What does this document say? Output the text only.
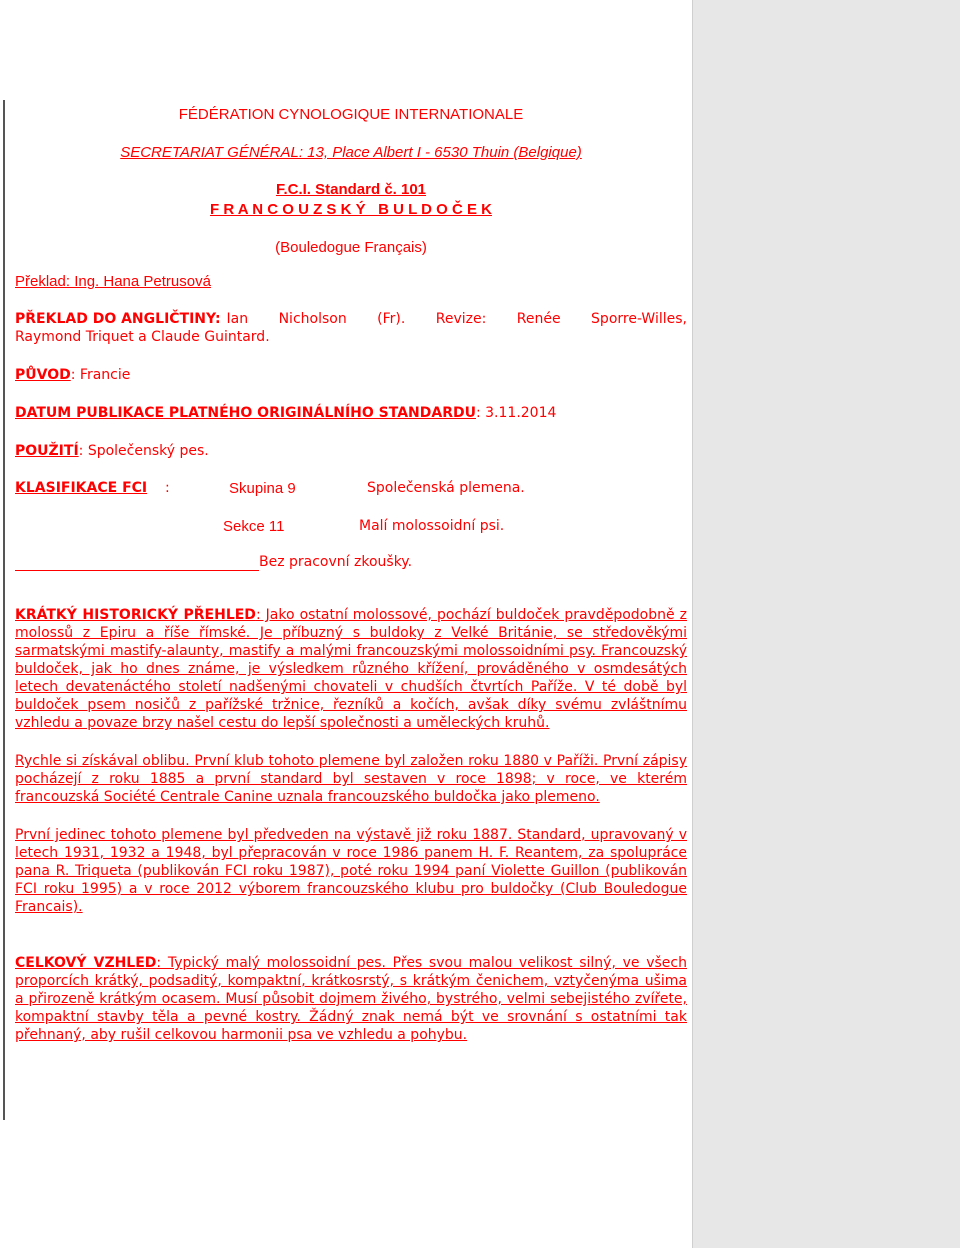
FÉDÉRATION CYNOLOGIQUE INTERNATIONALE
SECRETARIAT GÉNÉRAL: 13, Place Albert I - 6530 Thuin (Belgique)
F.C.I. Standard č. 101
F R A N C O U Z S K Ý   B U L D O Č E K
(Bouledogue Français)
Překlad: Ing. Hana Petrusová
PŘEKLAD DO ANGLIČTINY: Ian Nicholson (Fr). Revize: Renée Sporre-Willes,
Raymond Triquet a Claude Guintard.
PŮVOD: Francie
DATUM PUBLIKACE PLATNÉHO ORIGINÁLNÍHO STANDARDU: 3.11.2014
POUŽITÍ: Společenský pes.
KLASIFIKACE FCI :	Skupina 9	Společenská plemena.
Sekce 11	Malí molossoidní psi.
Bez pracovní zkoušky.

KRÁTKÝ HISTORICKÝ PŘEHLED: Jako ostatní molossové, pochází buldoček pravděpodobně z molossů z Epiru a říše římské. Je příbuzný s buldoky z Velké Británie, se středověkými sarmatskými mastify-alaunty, mastify a malými francouzskými molossoidními psy. Francouzský buldoček, jak ho dnes známe, je výsledkem různého křížení, prováděného v osmdesátých letech devatenáctého století nadšenými chovateli v chudších čtvrtích Paříže. V té době byl buldoček psem nosičů z pařížské tržnice, řezníků a kočích, avšak díky svému zvláštnímu vzhledu a povaze brzy našel cestu do lepší společnosti a uměleckých kruhů.

Rychle si získával oblibu. První klub tohoto plemene byl založen roku 1880 v Paříži. První zápisy pocházejí z roku 1885 a první standard byl sestaven v roce 1898; v roce, ve kterém francouzská Société Centrale Canine uznala francouzského buldočka jako plemeno.

První jedinec tohoto plemene byl předveden na výstavě již roku 1887. Standard, upravovaný v letech 1931, 1932 a 1948, byl přepracován v roce 1986 panem H. F. Reantem, za spolupráce pana R. Triqueta (publikován FCI roku 1987), poté roku 1994 paní Violette Guillon (publikován FCI roku 1995) a v roce 2012 výborem francouzského klubu pro buldočky (Club Bouledogue Francais).

CELKOVÝ VZHLED: Typický malý molossoidní pes. Přes svou malou velikost silný, ve všech proporcích krátký, podsaditý, kompaktní, krátkosrstý, s krátkým čenichem, vztyčenýma ušima a přirozeně krátkým ocasem. Musí působit dojmem živého, bystrého, velmi sebejistého zvířete, kompaktní stavby těla a pevné kostry. Žádný znak nemá být ve srovnání s ostatními tak přehnaný, aby rušil celkovou harmonii psa ve vzhledu a pohybu.
